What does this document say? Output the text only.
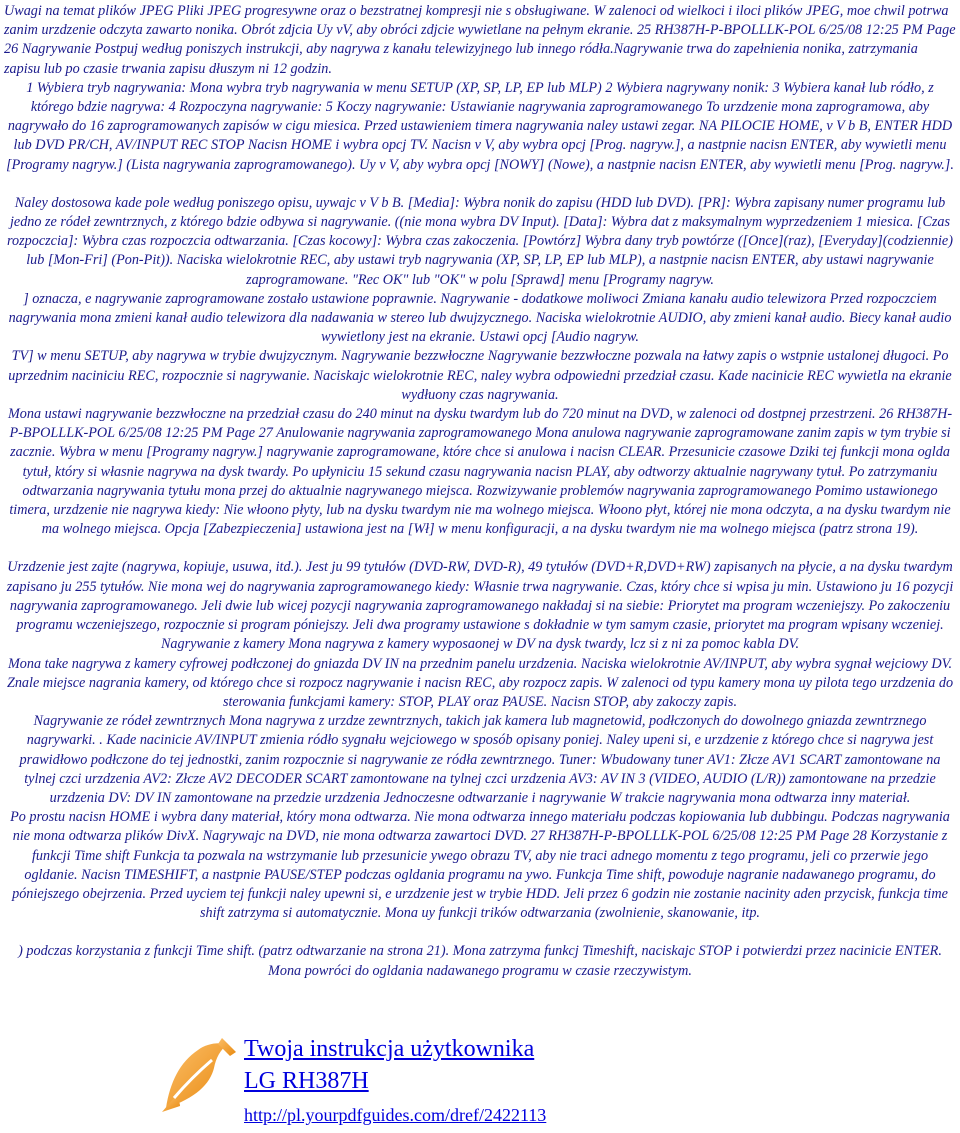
Uwagi na temat plików JPEG Pliki JPEG progresywne oraz o bezstratnej kompresji nie s obsługiwane. W zalenoci od wielkoci i iloci plików JPEG, moe chwil potrwa zanim urzdzenie odczyta zawarto nonika. Obrót zdjcia Uy vV, aby obróci zdjcie wywietlane na pełnym ekranie. 25 RH387H-P-BPOLLLK-POL 6/25/08 12:25 PM Page 26 Nagrywanie Postpuj według poniszych instrukcji, aby nagrywa z kanału telewizyjnego lub innego ródła.Nagrywanie trwa do zapełnienia nonika, zatrzymania zapisu lub po czasie trwania zapisu dłuszym ni 12 godzin.

1 Wybiera tryb nagrywania: Mona wybra tryb nagrywania w menu SETUP (XP, SP, LP, EP lub MLP) 2 Wybiera nagrywany nonik: 3 Wybiera kanał lub ródło, z którego bdzie nagrywa: 4 Rozpoczyna nagrywanie: 5 Koczy nagrywanie: Ustawianie nagrywania zaprogramowanego To urzdzenie mona zaprogramowa, aby nagrywało do 16 zaprogramowanych zapisów w cigu miesica. Przed ustawieniem timera nagrywania naley ustawi zegar. NA PILOCIE HOME, v V b B, ENTER HDD lub DVD PR/CH, AV/INPUT REC STOP Nacisn HOME i wybra opcj TV. Nacisn v V, aby wybra opcj [Prog. nagryw.], a nastpnie nacisn ENTER, aby wywietli menu [Programy nagryw.] (Lista nagrywania zaprogramowanego). Uy v V, aby wybra opcj [NOWY] (Nowe), a nastpnie nacisn ENTER, aby wywietli menu [Prog. nagryw.].

Naley dostosowa kade pole według poniszego opisu, uywajc v V b B. [Media]: Wybra nonik do zapisu (HDD lub DVD). [PR]: Wybra zapisany numer programu lub jedno ze ródeł zewntrznych, z którego bdzie odbywa si nagrywanie. ((nie mona wybra DV Input). [Data]: Wybra dat z maksymalnym wyprzedzeniem 1 miesica. [Czas rozpoczcia]: Wybra czas rozpoczcia odtwarzania. [Czas kocowy]: Wybra czas zakoczenia. [Powtórz] Wybra dany tryb powtórze ([Once](raz), [Everyday](codziennie) lub [Mon-Fri] (Pon-Pit)). Naciska wielokrotnie REC, aby ustawi tryb nagrywania (XP, SP, LP, EP lub MLP), a nastpnie nacisn ENTER, aby ustawi nagrywanie zaprogramowane. "Rec OK" lub "OK" w polu [Sprawd] menu [Programy nagryw.

] oznacza, e nagrywanie zaprogramowane zostało ustawione poprawnie. Nagrywanie - dodatkowe moliwoci Zmiana kanału audio telewizora Przed rozpoczciem nagrywania mona zmieni kanał audio telewizora dla nadawania w stereo lub dwujzycznego. Naciska wielokrotnie AUDIO, aby zmieni kanał audio. Biecy kanał audio wywietlony jest na ekranie. Ustawi opcj [Audio nagryw.

TV] w menu SETUP, aby nagrywa w trybie dwujzycznym. Nagrywanie bezzwłoczne Nagrywanie bezzwłoczne pozwala na łatwy zapis o wstpnie ustalonej długoci. Po uprzednim naciniciu REC, rozpocznie si nagrywanie. Naciskajc wielokrotnie REC, naley wybra odpowiedni przedział czasu. Kade nacinicie REC wywietla na ekranie wydłuony czas nagrywania.

Mona ustawi nagrywanie bezzwłoczne na przedział czasu do 240 minut na dysku twardym lub do 720 minut na DVD, w zalenoci od dostpnej przestrzeni. 26 RH387H-P-BPOLLLK-POL 6/25/08 12:25 PM Page 27 Anulowanie nagrywania zaprogramowanego Mona anulowa nagrywanie zaprogramowane zanim zapis w tym trybie si zacznie. Wybra w menu [Programy nagryw.] nagrywanie zaprogramowane, które chce si anulowa i nacisn CLEAR. Przesunicie czasowe Dziki tej funkcji mona oglda tytuł, który si własnie nagrywa na dysk twardy. Po upłyniciu 15 sekund czasu nagrywania nacisn PLAY, aby odtworzy aktualnie nagrywany tytuł. Po zatrzymaniu odtwarzania nagrywania tytułu mona przej do aktualnie nagrywanego miejsca. Rozwizywanie problemów nagrywania zaprogramowanego Pomimo ustawionego timera, urzdzenie nie nagrywa kiedy: Nie włoono płyty, lub na dysku twardym nie ma wolnego miejsca. Włoono płyt, której nie mona odczyta, a na dysku twardym nie ma wolnego miejsca. Opcja [Zabezpieczenia] ustawiona jest na [Wł] w menu konfiguracji, a na dysku twardym nie ma wolnego miejsca (patrz strona 19).

Urzdzenie jest zajte (nagrywa, kopiuje, usuwa, itd.). Jest ju 99 tytułów (DVD-RW, DVD-R), 49 tytułów (DVD+R,DVD+RW) zapisanych na płycie, a na dysku twardym zapisano ju 255 tytułów. Nie mona wej do nagrywania zaprogramowanego kiedy: Własnie trwa nagrywanie. Czas, który chce si wpisa ju min. Ustawiono ju 16 pozycji nagrywania zaprogramowanego. Jeli dwie lub wicej pozycji nagrywania zaprogramowanego nakładaj si na siebie: Priorytet ma program wczeniejszy. Po zakoczeniu programu wczeniejszego, rozpocznie si program póniejszy. Jeli dwa programy ustawione s dokładnie w tym samym czasie, priorytet ma program wpisany wczeniej. Nagrywanie z kamery Mona nagrywa z kamery wyposaonej w DV na dysk twardy, lcz si z ni za pomoc kabla DV.

Mona take nagrywa z kamery cyfrowej podłczonej do gniazda DV IN na przednim panelu urzdzenia. Naciska wielokrotnie AV/INPUT, aby wybra sygnał wejciowy DV. Znale miejsce nagrania kamery, od którego chce si rozpocz nagrywanie i nacisn REC, aby rozpocz zapis. W zalenoci od typu kamery mona uy pilota tego urzdzenia do sterowania funkcjami kamery: STOP, PLAY oraz PAUSE. Nacisn STOP, aby zakoczy zapis.

Nagrywanie ze ródeł zewntrznych Mona nagrywa z urzdze zewntrznych, takich jak kamera lub magnetowid, podłczonych do dowolnego gniazda zewntrznego nagrywarki. . Kade nacinicie AV/INPUT zmienia ródło sygnału wejciowego w sposób opisany poniej. Naley upeni si, e urzdzenie z którego chce si nagrywa jest prawidłowo podłczone do tej jednostki, zanim rozpocznie si nagrywanie ze ródła zewntrznego. Tuner: Wbudowany tuner AV1: Złcze AV1 SCART zamontowane na tylnej czci urzdzenia AV2: Złcze AV2 DECODER SCART zamontowane na tylnej czci urzdzenia AV3: AV IN 3 (VIDEO, AUDIO (L/R)) zamontowane na przedzie urzdzenia DV: DV IN zamontowane na przedzie urzdzenia Jednoczesne odtwarzanie i nagrywanie W trakcie nagrywania mona odtwarza inny materiał.

Po prostu nacisn HOME i wybra dany materiał, który mona odtwarza. Nie mona odtwarza innego materiału podczas kopiowania lub dubbingu. Podczas nagrywania nie mona odtwarza plików DivX. Nagrywajc na DVD, nie mona odtwarza zawartoci DVD. 27 RH387H-P-BPOLLLK-POL 6/25/08 12:25 PM Page 28 Korzystanie z funkcji Time shift Funkcja ta pozwala na wstrzymanie lub przesunicie ywego obrazu TV, aby nie traci adnego momentu z tego programu, jeli co przerwie jego ogldanie. Nacisn TIMESHIFT, a nastpnie PAUSE/STEP podczas ogldania programu na ywo. Funkcja Time shift, powoduje nagranie nadawanego programu, do póniejszego obejrzenia. Przed uyciem tej funkcji naley upewni si, e urzdzenie jest w trybie HDD. Jeli przez 6 godzin nie zostanie nacinity aden przycisk, funkcja time shift zatrzyma si automatycznie. Mona uy funkcji trików odtwarzania (zwolnienie, skanowanie, itp.

) podczas korzystania z funkcji Time shift. (patrz odtwarzanie na strona 21). Mona zatrzyma funkcj Timeshift, naciskajc STOP i potwierdzi przez nacinicie ENTER. Mona powróci do ogldania nadawanego programu w czasie rzeczywistym.

Twoja instrukcja użytkownika
LG RH387H
http://pl.yourpdfguides.com/dref/2422113
